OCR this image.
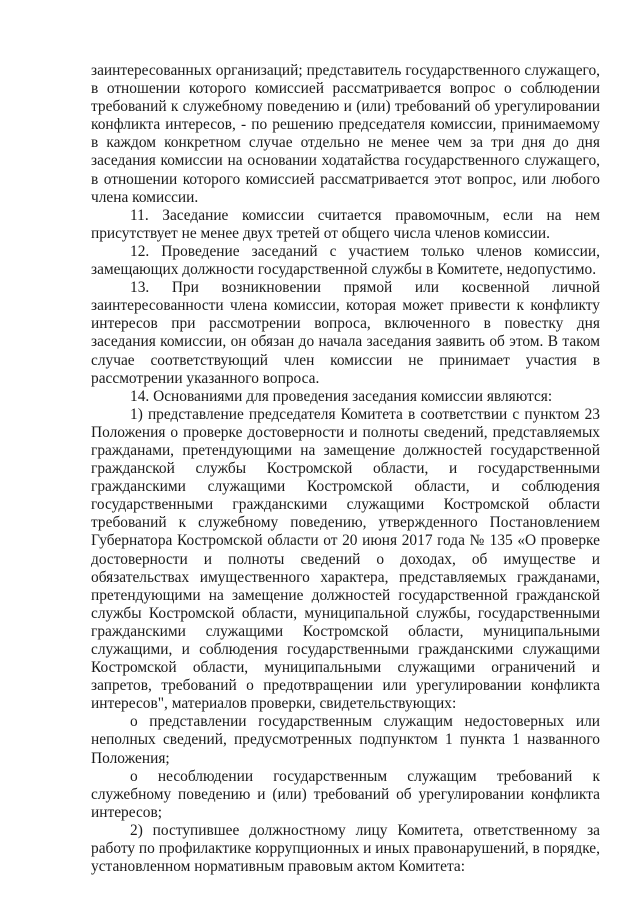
заинтересованных организаций; представитель государственного служащего, в отношении которого комиссией рассматривается вопрос о соблюдении требований к служебному поведению и (или) требований об урегулировании конфликта интересов, - по решению председателя комиссии, принимаемому в каждом конкретном случае отдельно не менее чем за три дня до дня заседания комиссии на основании ходатайства государственного служащего, в отношении которого комиссией рассматривается этот вопрос, или любого члена комиссии.

11. Заседание комиссии считается правомочным, если на нем присутствует не менее двух третей от общего числа членов комиссии.

12. Проведение заседаний с участием только членов комиссии, замещающих должности государственной службы в Комитете, недопустимо.

13. При возникновении прямой или косвенной личной заинтересованности члена комиссии, которая может привести к конфликту интересов при рассмотрении вопроса, включенного в повестку дня заседания комиссии, он обязан до начала заседания заявить об этом. В таком случае соответствующий член комиссии не принимает участия в рассмотрении указанного вопроса.

14. Основаниями для проведения заседания комиссии являются:

1) представление председателя Комитета в соответствии с пунктом 23 Положения о проверке достоверности и полноты сведений, представляемых гражданами, претендующими на замещение должностей государственной гражданской службы Костромской области, и государственными гражданскими служащими Костромской области, и соблюдения государственными гражданскими служащими Костромской области требований к служебному поведению, утвержденного Постановлением Губернатора Костромской области от 20 июня 2017 года № 135 «О проверке достоверности и полноты сведений о доходах, об имуществе и обязательствах имущественного характера, представляемых гражданами, претендующими на замещение должностей государственной гражданской службы Костромской области, муниципальной службы, государственными гражданскими служащими Костромской области, муниципальными служащими, и соблюдения государственными гражданскими служащими Костромской области, муниципальными служащими ограничений и запретов, требований о предотвращении или урегулировании конфликта интересов", материалов проверки, свидетельствующих:

о представлении государственным служащим недостоверных или неполных сведений, предусмотренных подпунктом 1 пункта 1 названного Положения;

о несоблюдении государственным служащим требований к служебному поведению и (или) требований об урегулировании конфликта интересов;

2) поступившее должностному лицу Комитета, ответственному за работу по профилактике коррупционных и иных правонарушений, в порядке, установленном нормативным правовым актом Комитета:
